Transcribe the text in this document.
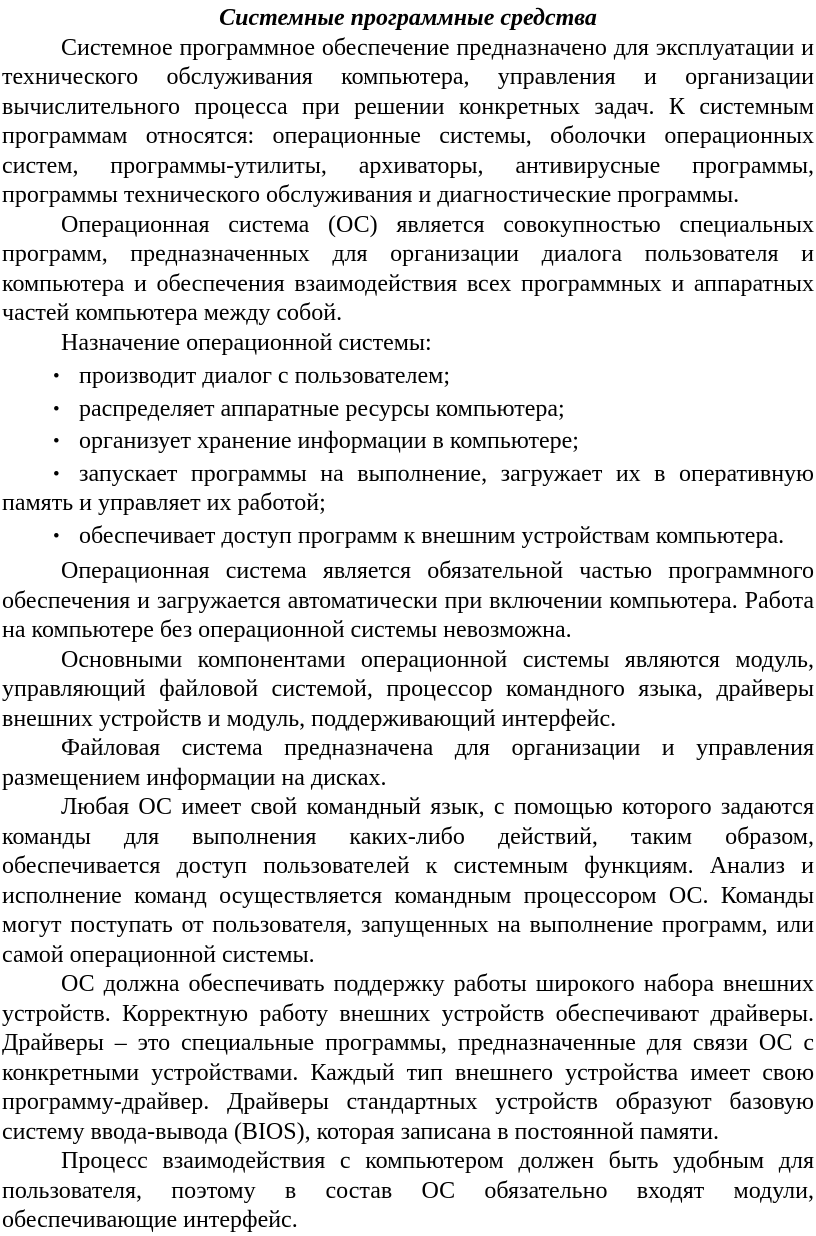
Системные программные средства

Системное программное обеспечение предназначено для эксплуатации и технического обслуживания компьютера, управления и организации вычислительного процесса при решении конкретных задач. К системным программам относятся: операционные системы, оболочки операционных систем, программы-утилиты, архиваторы, антивирусные программы, программы технического обслуживания и диагностические программы.

Операционная система (ОС) является совокупностью специальных программ, предназначенных для организации диалога пользователя и компьютера и обеспечения взаимодействия всех программных и аппаратных частей компьютера между собой.

Назначение операционной системы:

• производит диалог с пользователем;
• распределяет аппаратные ресурсы компьютера;
• организует хранение информации в компьютере;
• запускает программы на выполнение, загружает их в оперативную память и управляет их работой;
• обеспечивает доступ программ к внешним устройствам компьютера.

Операционная система является обязательной частью программного обеспечения и загружается автоматически при включении компьютера. Работа на компьютере без операционной системы невозможна.

Основными компонентами операционной системы являются модуль, управляющий файловой системой, процессор командного языка, драйверы внешних устройств и модуль, поддерживающий интерфейс.

Файловая система предназначена для организации и управления размещением информации на дисках.

Любая ОС имеет свой командный язык, с помощью которого задаются команды для выполнения каких-либо действий, таким образом, обеспечивается доступ пользователей к системным функциям. Анализ и исполнение команд осуществляется командным процессором ОС. Команды могут поступать от пользователя, запущенных на выполнение программ, или самой операционной системы.

ОС должна обеспечивать поддержку работы широкого набора внешних устройств. Корректную работу внешних устройств обеспечивают драйверы. Драйверы – это специальные программы, предназначенные для связи ОС с конкретными устройствами. Каждый тип внешнего устройства имеет свою программу-драйвер. Драйверы стандартных устройств образуют базовую систему ввода-вывода (BIOS), которая записана в постоянной памяти.

Процесс взаимодействия с компьютером должен быть удобным для пользователя, поэтому в состав ОС обязательно входят модули, обеспечивающие интерфейс.
